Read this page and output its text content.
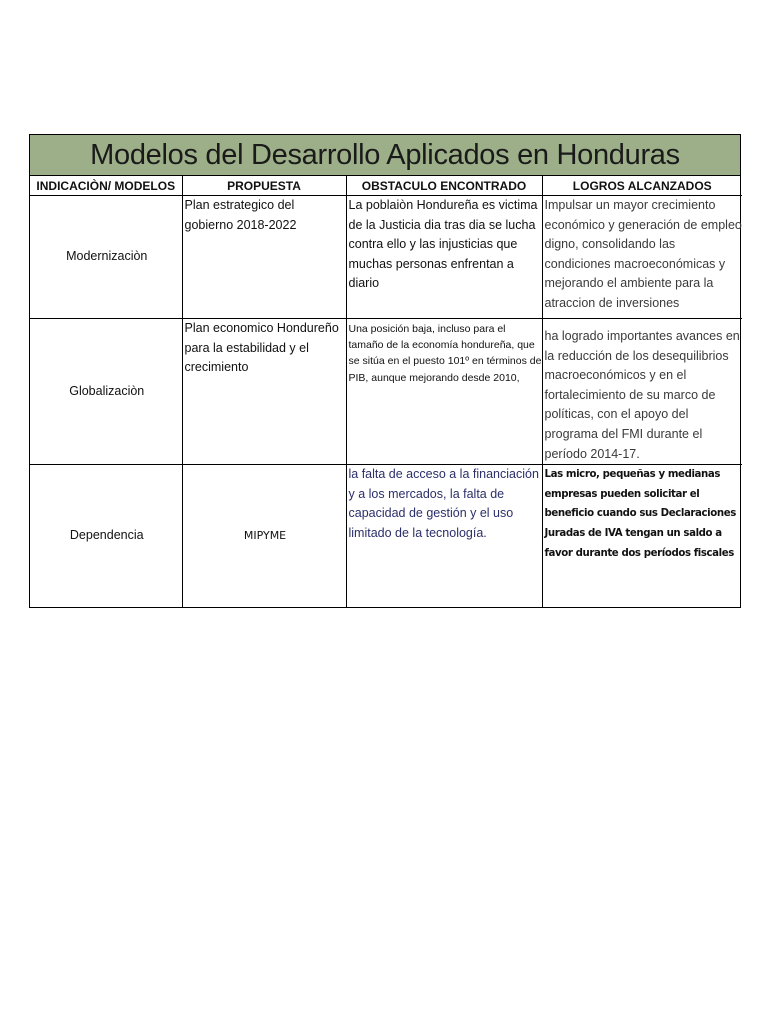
Modelos del Desarrollo Aplicados en Honduras
INDICACIÒN/ MODELOS	PROPUESTA	OBSTACULO ENCONTRADO	LOGROS ALCANZADOS
Modernizaciòn	Plan estrategico del gobierno 2018-2022	La poblaiòn Hondureña es victima de la Justicia dia tras dia se lucha contra ello y las injusticias que muchas personas enfrentan a diario	Impulsar un mayor crecimiento económico y generación de empleo digno, consolidando las condiciones macroeconómicas y mejorando el ambiente para la atraccion de inversiones
Globalizaciòn	Plan economico Hondureño para la estabilidad y el crecimiento	Una posición baja, incluso para el tamaño de la economía hondureña, que se sitúa en el puesto 101º en términos de PIB, aunque mejorando desde 2010,	ha logrado importantes avances en la reducción de los desequilibrios macroeconómicos y en el fortalecimiento de su marco de políticas, con el apoyo del programa del FMI durante el período 2014-17.
Dependencia	MIPYME	la falta de acceso a la financiación y a los mercados, la falta de capacidad de gestión y el uso limitado de la tecnología.	Las micro, pequeñas y medianas empresas pueden solicitar el beneficio cuando sus Declaraciones Juradas de IVA tengan un saldo a favor durante dos períodos fiscales
